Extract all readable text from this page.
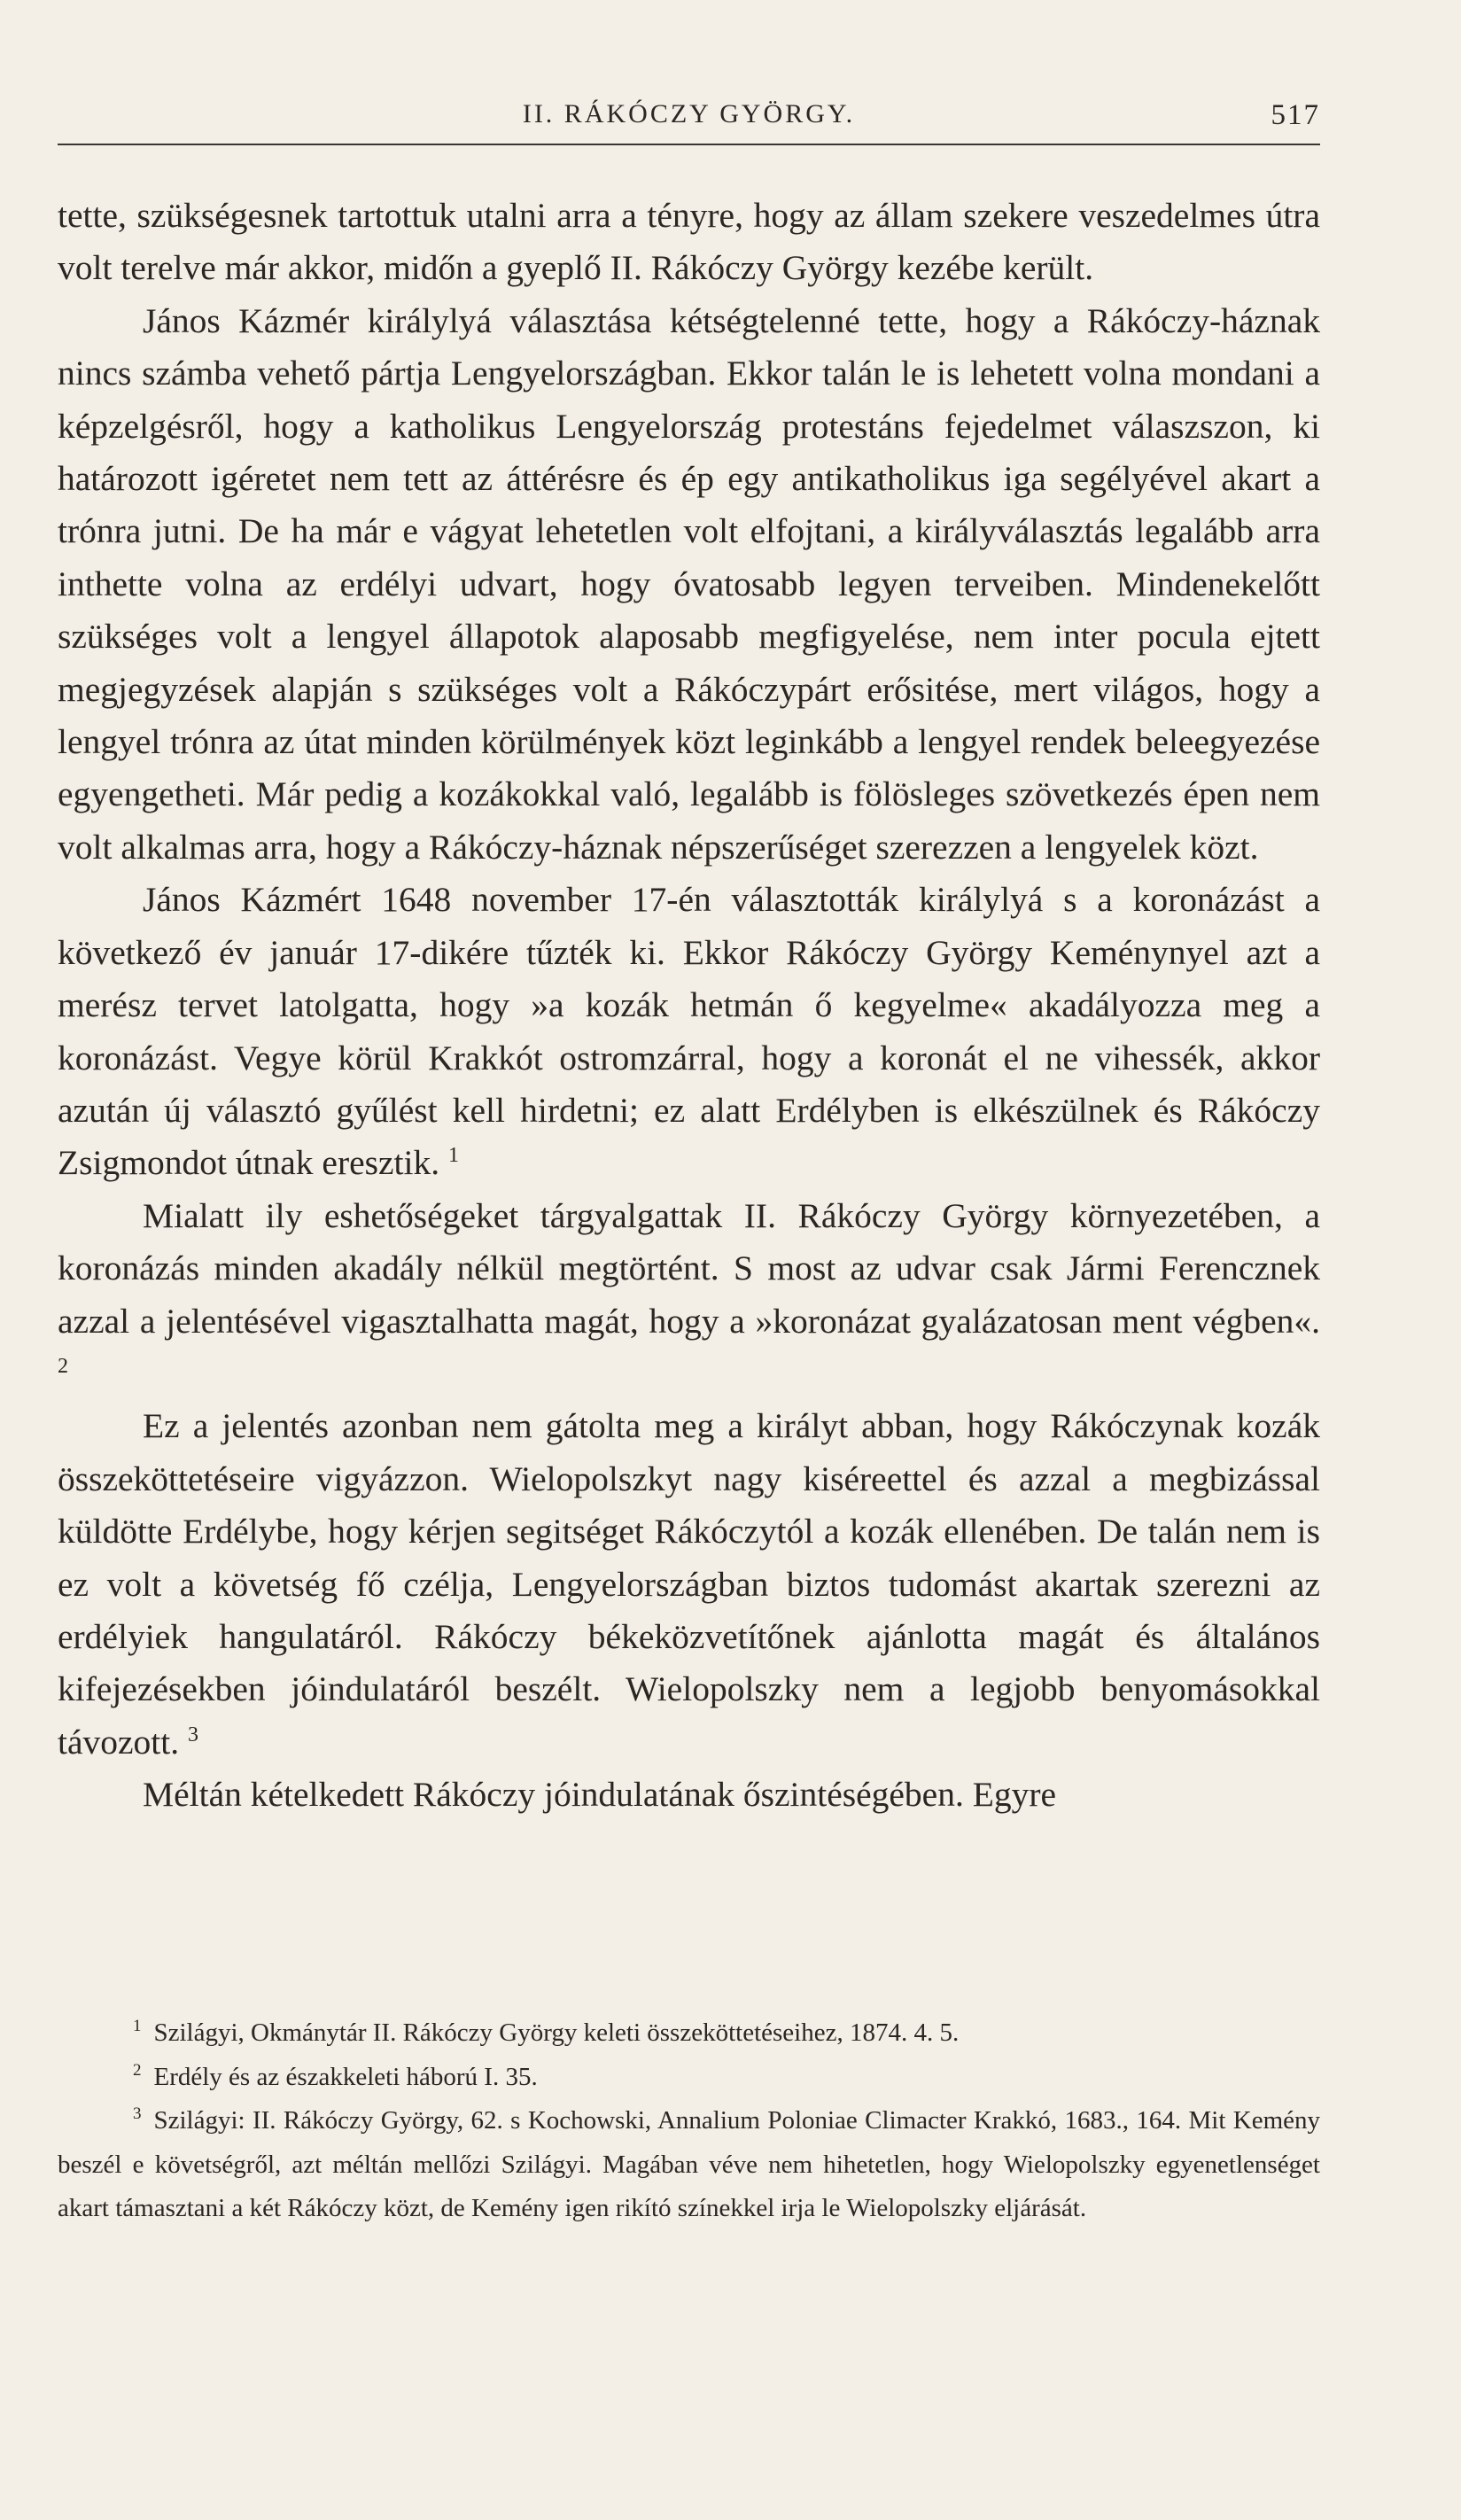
II. RÁKÓCZY GYÖRGY.	517

tette, szükségesnek tartottuk utalni arra a tényre, hogy az állam szekere veszedelmes útra volt terelve már akkor, midőn a gyeplő II. Rákóczy György kezébe került.

János Kázmér királylyá választása kétségtelenné tette, hogy a Rákóczy-háznak nincs számba vehető pártja Lengyelországban. Ekkor talán le is lehetett volna mondani a képzelgésről, hogy a katholikus Lengyelország protestáns fejedelmet válaszszon, ki határozott igéretet nem tett az áttérésre és ép egy antikatholikus iga segélyével akart a trónra jutni. De ha már e vágyat lehetetlen volt elfojtani, a királyválasztás legalább arra inthette volna az erdélyi udvart, hogy óvatosabb legyen terveiben. Mindenekelőtt szükséges volt a lengyel állapotok alaposabb megfigyelése, nem inter pocula ejtett megjegyzések alapján s szükséges volt a Rákóczypárt erősitése, mert világos, hogy a lengyel trónra az útat minden körülmények közt leginkább a lengyel rendek beleegyezése egyengetheti. Már pedig a kozákokkal való, legalább is fölösleges szövetkezés épen nem volt alkalmas arra, hogy a Rákóczy-háznak népszerűséget szerezzen a lengyelek közt.

János Kázmért 1648 november 17-én választották királylyá s a koronázást a következő év január 17-dikére tűzték ki. Ekkor Rákóczy György Keménynyel azt a merész tervet latolgatta, hogy »a kozák hetmán ő kegyelme« akadályozza meg a koronázást. Vegye körül Krakkót ostromzárral, hogy a koronát el ne vihessék, akkor azután új választó gyűlést kell hirdetni; ez alatt Erdélyben is elkészülnek és Rákóczy Zsigmondot útnak eresztik. $^1$

Mialatt ily eshetőségeket tárgyalgattak II. Rákóczy György környezetében, a koronázás minden akadály nélkül megtörtént. S most az udvar csak Jármi Ferencznek azzal a jelentésével vigasztalhatta magát, hogy a »koronázat gyalázatosan ment végben«. $^2$

Ez a jelentés azonban nem gátolta meg a királyt abban, hogy Rákóczynak kozák összeköttetéseire vigyázzon. Wielopolszkyt nagy kiséreettel és azzal a megbizással küldötte Erdélybe, hogy kérjen segitséget Rákóczytól a kozák ellenében. De talán nem is ez volt a követség fő czélja, Lengyelországban biztos tudomást akartak szerezni az erdélyiek hangulatáról. Rákóczy békeközvetítőnek ajánlotta magát és általános kifejezésekben jóindulatáról beszélt. Wielopolszky nem a legjobb benyomásokkal távozott. $^3$

Méltán kételkedett Rákóczy jóindulatának őszintéségében. Egyre

$^1$ Szilágyi, Okmánytár II. Rákóczy György keleti összeköttetéseihez, 1874. 4. 5.

$^2$ Erdély és az északkeleti háború I. 35.

$^3$ Szilágyi: II. Rákóczy György, 62. s Kochowski, Annalium Poloniae Climacter Krakkó, 1683., 164. Mit Kemény beszél e követségről, azt méltán mellőzi Szilágyi. Magában véve nem hihetetlen, hogy Wielopolszky egyenetlenséget akart támasztani a két Rákóczy közt, de Kemény igen rikító színekkel irja le Wielopolszky eljárását.
